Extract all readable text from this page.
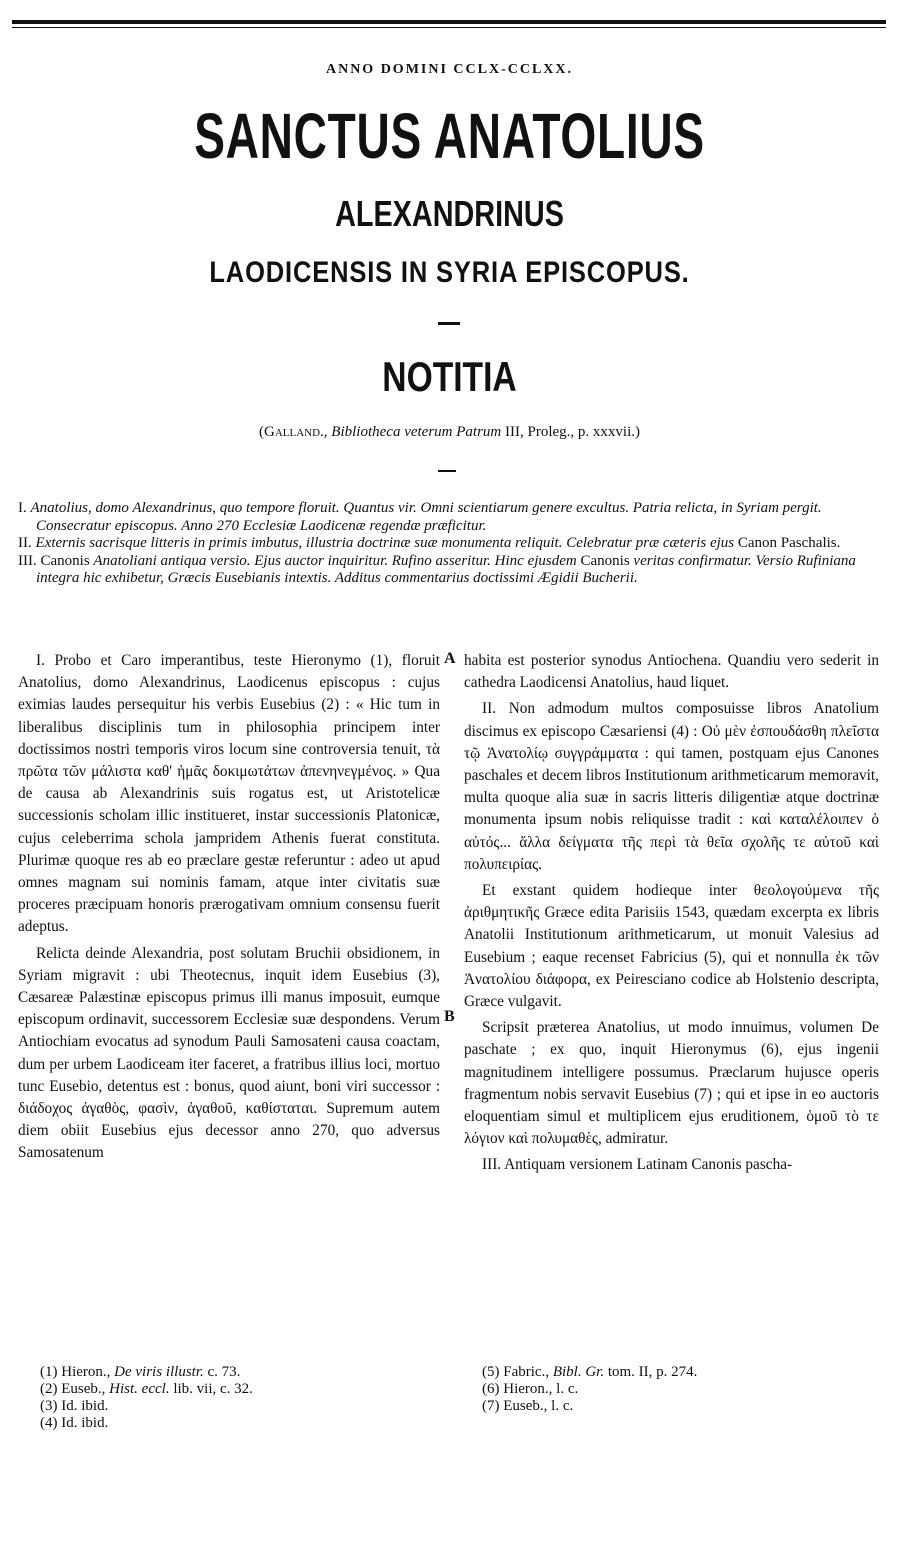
ANNO DOMINI CCLX-CCLXX.
SANCTUS ANATOLIUS
ALEXANDRINUS
LAODICENSIS IN SYRIA EPISCOPUS.
NOTITIA
(Galland., Bibliotheca veterum Patrum III, Proleg., p. xxxvii.)

I. Anatolius, domo Alexandrinus, quo tempore floruit. Quantus vir. Omni scientiarum genere excultus. Patria relicta, in Syriam pergit. Consecratur episcopus. Anno 270 Ecclesiæ Laodicenæ regendæ præficitur.

II. Externis sacrisque litteris in primis imbutus, illustria doctrinæ suæ monumenta reliquit. Celebratur præ cæteris ejus Canon Paschalis.

III. Canonis Anatoliani antiqua versio. Ejus auctor inquiritur. Rufino asseritur. Hinc ejusdem Canonis veritas confirmatur. Versio Rufiniana integra hic exhibetur, Græcis Eusebianis intextis. Additus commentarius doctissimi Ægidii Bucherii.

I. Probo et Caro imperantibus, teste Hieronymo (1), floruit Anatolius, domo Alexandrinus, Laodicenus episcopus : cujus eximias laudes persequitur his verbis Eusebius (2) : « Hic tum in liberalibus disciplinis tum in philosophia principem inter doctissimos nostri temporis viros locum sine controversia tenuit, τὰ πρῶτα τῶν μάλιστα καθ' ἡμᾶς δοκιμωτάτων ἀπενηνεγμένος. » Qua de causa ab Alexandrinis suis rogatus est, ut Aristotelicæ successionis scholam illic institueret, instar successionis Platonicæ, cujus celeberrima schola jampridem Athenis fuerat constituta. Plurimæ quoque res ab eo præclare gestæ referuntur : adeo ut apud omnes magnam sui nominis famam, atque inter civitatis suæ proceres præcipuam honoris prærogativam omnium consensu fuerit adeptus.

Relicta deinde Alexandria, post solutam Bruchii obsidionem, in Syriam migravit : ubi Theotecnus, inquit idem Eusebius (3), Cæsareæ Palæstinæ episcopus primus illi manus imposuit, eumque episcopum ordinavit, successorem Ecclesiæ suæ despondens. Verum Antiochiam evocatus ad synodum Pauli Samosateni causa coactam, dum per urbem Laodiceam iter faceret, a fratribus illius loci, mortuo tunc Eusebio, detentus est : bonus, quod aiunt, boni viri successor : διάδοχος ἀγαθὸς, φασὶν, ἀγαθοῦ, καθίσταται. Supremum autem diem obiit Eusebius ejus decessor anno 270, quo adversus Samosatenum

A
B

habita est posterior synodus Antiochena. Quandiu vero sederit in cathedra Laodicensi Anatolius, haud liquet.

II. Non admodum multos composuisse libros Anatolium discimus ex episcopo Cæsariensi (4) : Οὐ μὲν ἐσπουδάσθη πλεῖστα τῷ Ἀνατολίῳ συγγράμματα : qui tamen, postquam ejus Canones paschales et decem libros Institutionum arithmeticarum memoravit, multa quoque alia suæ in sacris litteris diligentiæ atque doctrinæ monumenta ipsum nobis reliquisse tradit : καὶ καταλέλοιπεν ὁ αὐτός... ἄλλα δείγματα τῆς περὶ τὰ θεῖα σχολῆς τε αὐτοῦ καὶ πολυπειρίας.

Et exstant quidem hodieque inter θεολογούμενα τῆς ἀριθμητικῆς Græce edita Parisiis 1543, quædam excerpta ex libris Anatolii Institutionum arithmeticarum, ut monuit Valesius ad Eusebium ; eaque recenset Fabricius (5), qui et nonnulla ἐκ τῶν Ἀνατολίου διάφορα, ex Peiresciano codice ab Holstenio descripta, Græce vulgavit.

Scripsit præterea Anatolius, ut modo innuimus, volumen De paschate ; ex quo, inquit Hieronymus (6), ejus ingenii magnitudinem intelligere possumus. Præclarum hujusce operis fragmentum nobis servavit Eusebius (7) ; qui et ipse in eo auctoris eloquentiam simul et multiplicem ejus eruditionem, ὁμοῦ τὸ τε λόγιον καὶ πολυμαθὲς, admiratur.

III. Antiquam versionem Latinam Canonis pascha-

(1) Hieron., De viris illustr. c. 73.
(2) Euseb., Hist. eccl. lib. vii, c. 32.
(3) Id. ibid.
(4) Id. ibid.
(5) Fabric., Bibl. Gr. tom. II, p. 274.
(6) Hieron., l. c.
(7) Euseb., l. c.
